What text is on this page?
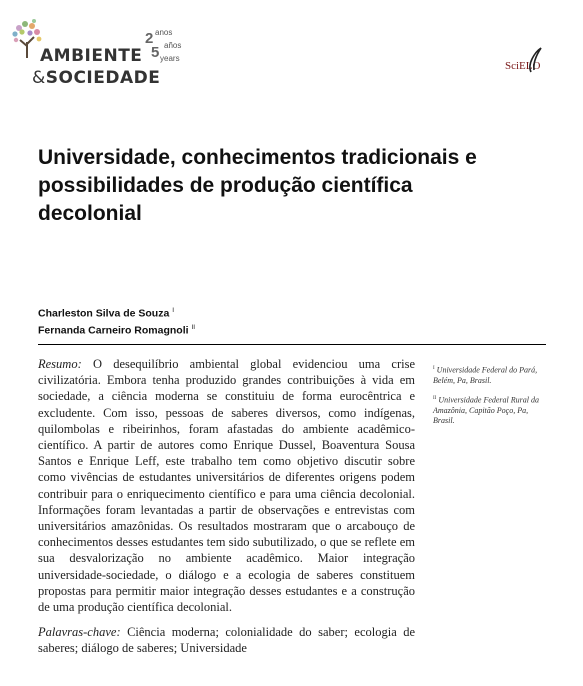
AMBIENTE
&SOCIEDADE
2
5
anos
años
years
SciELO
Universidade, conhecimentos tradicionais e possibilidades de produção científica decolonial
Charleston Silva de Souza $^I$
Fernanda Carneiro Romagnoli $^{II}$

Resumo: O desequilíbrio ambiental global evidenciou uma crise civilizatória. Embora tenha produzido grandes contribuições à vida em sociedade, a ciência moderna se constituiu de forma eurocêntrica e excludente. Com isso, pessoas de saberes diversos, como indígenas, quilombolas e ribeirinhos, foram afastadas do ambiente acadêmico-científico. A partir de autores como Enrique Dussel, Boaventura Sousa Santos e Enrique Leff, este trabalho tem como objetivo discutir sobre como vivências de estudantes universitários de diferentes origens podem contribuir para o enriquecimento científico e para uma ciência decolonial. Informações foram levantadas a partir de observações e entrevistas com universitários amazônidas. Os resultados mostraram que o arcabouço de conhecimentos desses estudantes tem sido subutilizado, o que se reflete em sua desvalorização no ambiente acadêmico. Maior integração universidade-sociedade, o diálogo e a ecologia de saberes constituem propostas para permitir maior integração desses estudantes e a construção de uma produção científica decolonial.

Palavras-chave: Ciência moderna; colonialidade do saber; ecologia de saberes; diálogo de saberes; Universidade

$^I$ Universidade Federal do Pará, Belém, Pa, Brasil.

$^{II}$ Universidade Federal Rural da Amazônia, Capitão Poço, Pa, Brasil.
